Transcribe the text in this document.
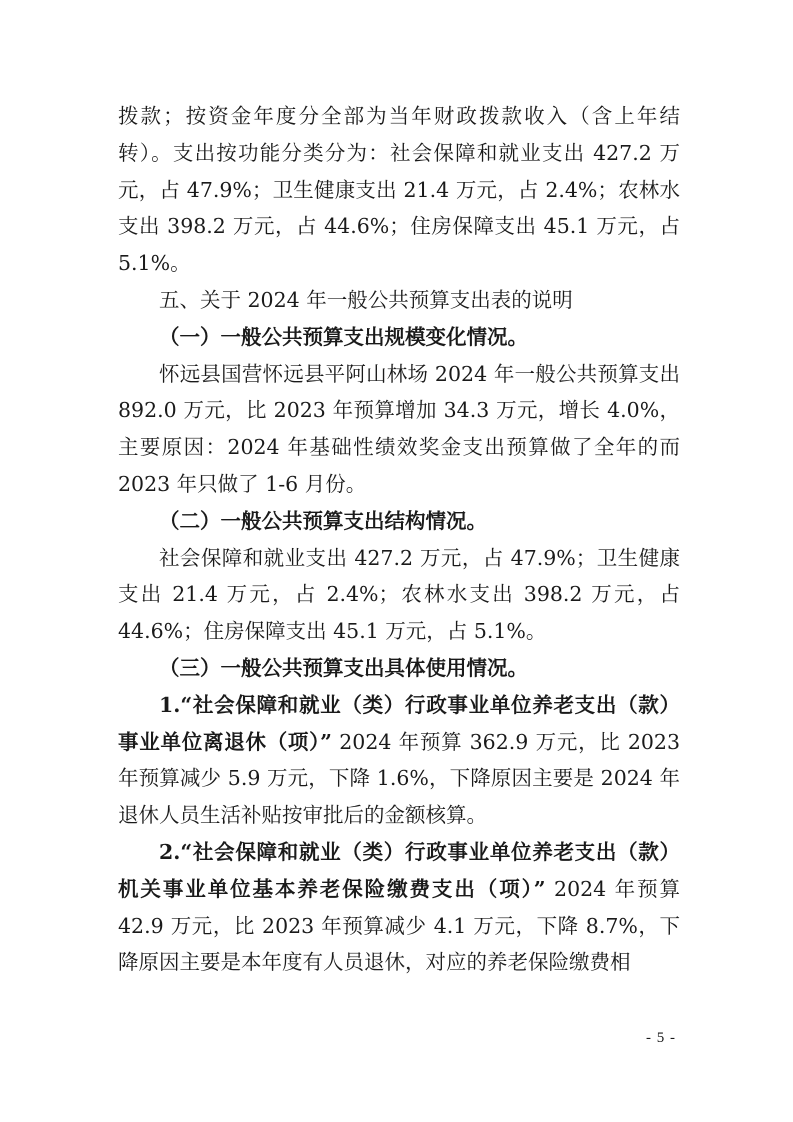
拨款；按资金年度分全部为当年财政拨款收入（含上年结转）。支出按功能分类分为：社会保障和就业支出 427.2 万元，占 47.9%；卫生健康支出 21.4 万元，占 2.4%；农林水支出 398.2 万元，占 44.6%；住房保障支出 45.1 万元，占 5.1%。

五、关于 2024 年一般公共预算支出表的说明

（一）一般公共预算支出规模变化情况。

怀远县国营怀远县平阿山林场 2024 年一般公共预算支出 892.0 万元，比 2023 年预算增加 34.3 万元，增长 4.0%，主要原因：2024 年基础性绩效奖金支出预算做了全年的而 2023 年只做了 1-6 月份。

（二）一般公共预算支出结构情况。

社会保障和就业支出 427.2 万元，占 47.9%；卫生健康支出 21.4 万元，占 2.4%；农林水支出 398.2 万元，占 44.6%；住房保障支出 45.1 万元，占 5.1%。

（三）一般公共预算支出具体使用情况。

1.“社会保障和就业（类）行政事业单位养老支出（款）事业单位离退休（项）” 2024 年预算 362.9 万元，比 2023 年预算减少 5.9 万元，下降 1.6%，下降原因主要是 2024 年退休人员生活补贴按审批后的金额核算。

2.“社会保障和就业（类）行政事业单位养老支出（款）机关事业单位基本养老保险缴费支出（项）” 2024 年预算 42.9 万元，比 2023 年预算减少 4.1 万元，下降 8.7%，下降原因主要是本年度有人员退休，对应的养老保险缴费相

- 5 -
